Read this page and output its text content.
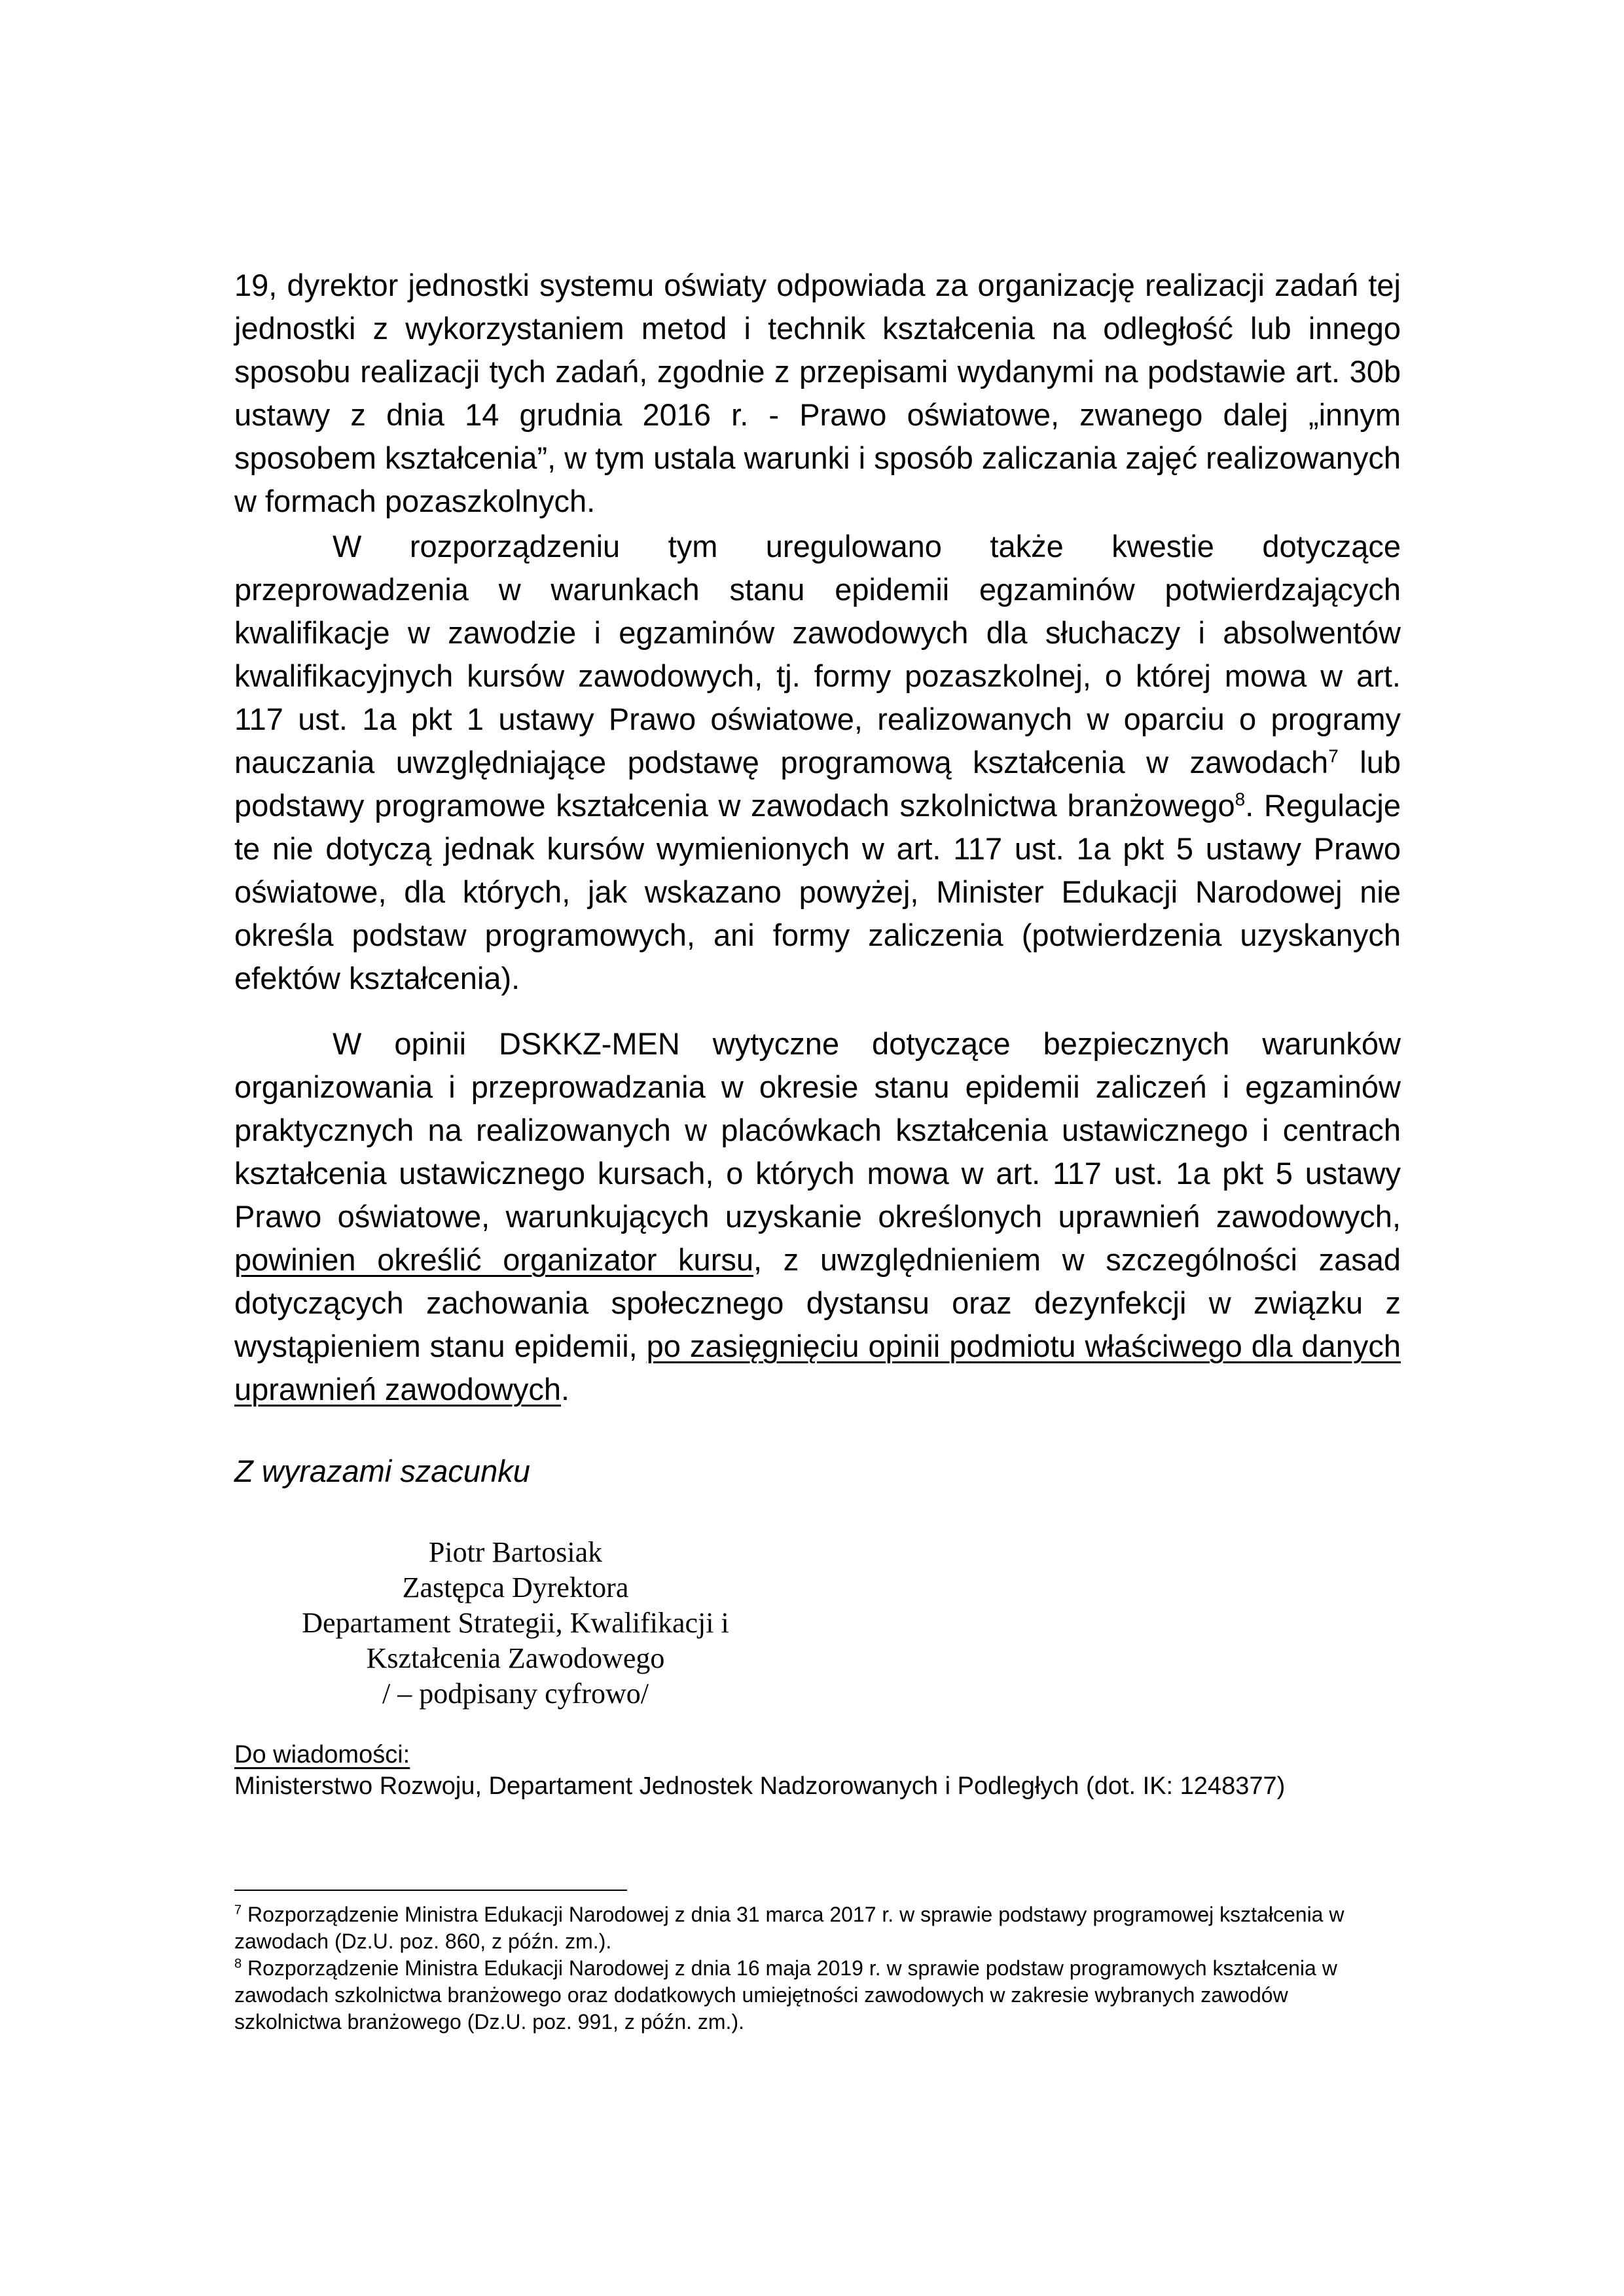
19, dyrektor jednostki systemu oświaty odpowiada za organizację realizacji zadań tej jednostki z wykorzystaniem metod i technik kształcenia na odległość lub innego sposobu realizacji tych zadań, zgodnie z przepisami wydanymi na podstawie art. 30b ustawy z dnia 14 grudnia 2016 r. - Prawo oświatowe, zwanego dalej „innym sposobem kształcenia”, w tym ustala warunki i sposób zaliczania zajęć realizowanych w formach pozaszkolnych.

W rozporządzeniu tym uregulowano także kwestie dotyczące przeprowadzenia w warunkach stanu epidemii egzaminów potwierdzających kwalifikacje w zawodzie i egzaminów zawodowych dla słuchaczy i absolwentów kwalifikacyjnych kursów zawodowych, tj. formy pozaszkolnej, o której mowa w art. 117 ust. 1a pkt 1 ustawy Prawo oświatowe, realizowanych w oparciu o programy nauczania uwzględniające podstawę programową kształcenia w zawodach$^7$ lub podstawy programowe kształcenia w zawodach szkolnictwa branżowego$^8$. Regulacje te nie dotyczą jednak kursów wymienionych w art. 117 ust. 1a pkt 5 ustawy Prawo oświatowe, dla których, jak wskazano powyżej, Minister Edukacji Narodowej nie określa podstaw programowych, ani formy zaliczenia (potwierdzenia uzyskanych efektów kształcenia).

W opinii DSKKZ-MEN wytyczne dotyczące bezpiecznych warunków organizowania i przeprowadzania w okresie stanu epidemii zaliczeń i egzaminów praktycznych na realizowanych w placówkach kształcenia ustawicznego i centrach kształcenia ustawicznego kursach, o których mowa w art. 117 ust. 1a pkt 5 ustawy Prawo oświatowe, warunkujących uzyskanie określonych uprawnień zawodowych, powinien określić organizator kursu, z uwzględnieniem w szczególności zasad dotyczących zachowania społecznego dystansu oraz dezynfekcji w związku z wystąpieniem stanu epidemii, po zasięgnięciu opinii podmiotu właściwego dla danych uprawnień zawodowych.

Z wyrazami szacunku

Piotr Bartosiak
Zastępca Dyrektora
Departament Strategii, Kwalifikacji i
Kształcenia Zawodowego
/ – podpisany cyfrowo/
Do wiadomości:
Ministerstwo Rozwoju, Departament Jednostek Nadzorowanych i Podległych (dot. IK: 1248377)

$^7$ Rozporządzenie Ministra Edukacji Narodowej z dnia 31 marca 2017 r. w sprawie podstawy programowej kształcenia w zawodach (Dz.U. poz. 860, z późn. zm.).

$^8$ Rozporządzenie Ministra Edukacji Narodowej z dnia 16 maja 2019 r. w sprawie podstaw programowych kształcenia w zawodach szkolnictwa branżowego oraz dodatkowych umiejętności zawodowych w zakresie wybranych zawodów szkolnictwa branżowego (Dz.U. poz. 991, z późn. zm.).
